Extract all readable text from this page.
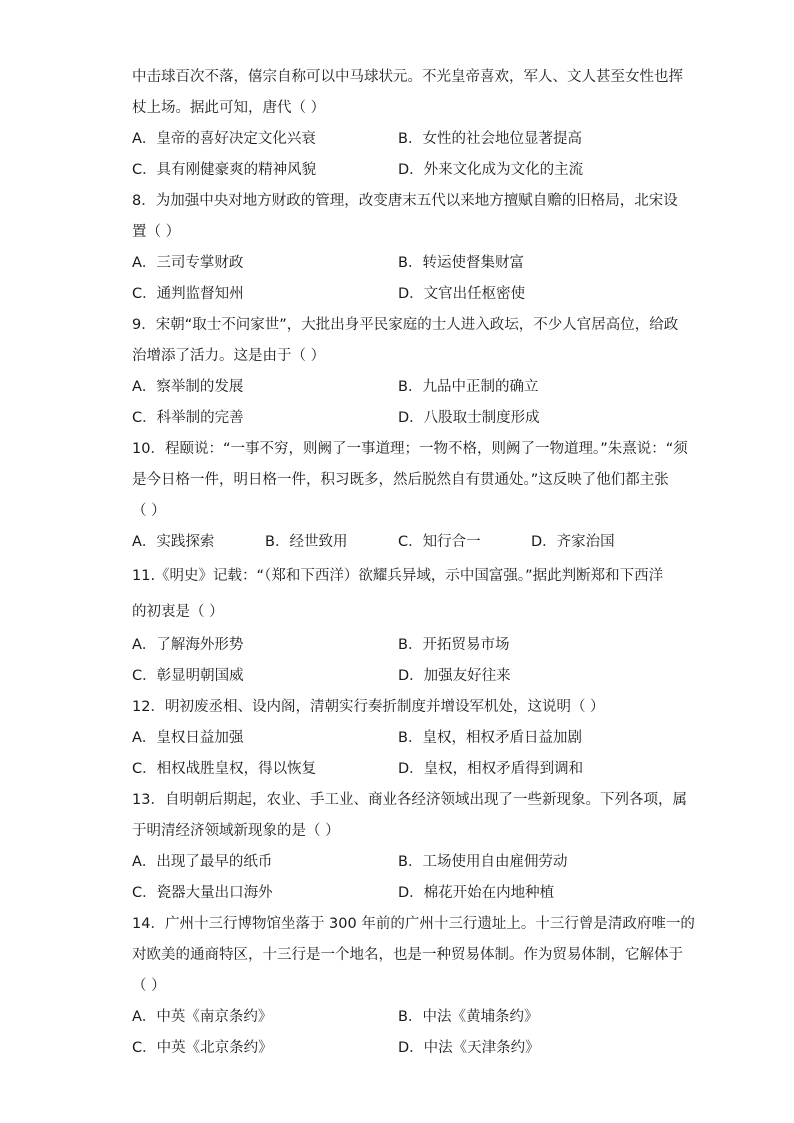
中击球百次不落，僖宗自称可以中马球状元。不光皇帝喜欢，军人、文人甚至女性也挥
杖上场。据此可知，唐代（ ）
A．皇帝的喜好决定文化兴衰	B．女性的社会地位显著提高
C．具有刚健豪爽的精神风貌	D．外来文化成为文化的主流
8．为加强中央对地方财政的管理，改变唐末五代以来地方擅赋自赡的旧格局，北宋设
置（ ）
A．三司专掌财政	B．转运使督集财富
C．通判监督知州	D．文官出任枢密使
9．宋朝“取士不问家世”，大批出身平民家庭的士人进入政坛，不少人官居高位，给政
治增添了活力。这是由于（ ）
A．察举制的发展	B．九品中正制的确立
C．科举制的完善	D．八股取士制度形成
10．程颐说：“一事不穷，则阙了一事道理；一物不格，则阙了一物道理。”朱熹说：“须
是今日格一件，明日格一件，积习既多，然后脱然自有贯通处。”这反映了他们都主张
（ ）
A．实践探索	B．经世致用	C．知行合一	D．齐家治国
11.《明史》记载：“（郑和下西洋）欲耀兵异域，示中国富强。”据此判断郑和下西洋
的初衷是（ ）
A．了解海外形势	B．开拓贸易市场
C．彰显明朝国威	D．加强友好往来
12．明初废丞相、设内阁，清朝实行奏折制度并增设军机处，这说明（ ）
A．皇权日益加强	B．皇权，相权矛盾日益加剧
C．相权战胜皇权，得以恢复	D．皇权，相权矛盾得到调和
13．自明朝后期起，农业、手工业、商业各经济领域出现了一些新现象。下列各项，属
于明清经济领域新现象的是（ ）
A．出现了最早的纸币	B．工场使用自由雇佣劳动
C．瓷器大量出口海外	D．棉花开始在内地种植
14．广州十三行博物馆坐落于 300 年前的广州十三行遗址上。十三行曾是清政府唯一的
对欧美的通商特区，十三行是一个地名，也是一种贸易体制。作为贸易体制，它解体于
（ ）
A．中英《南京条约》	B．中法《黄埔条约》
C．中英《北京条约》	D．中法《天津条约》
